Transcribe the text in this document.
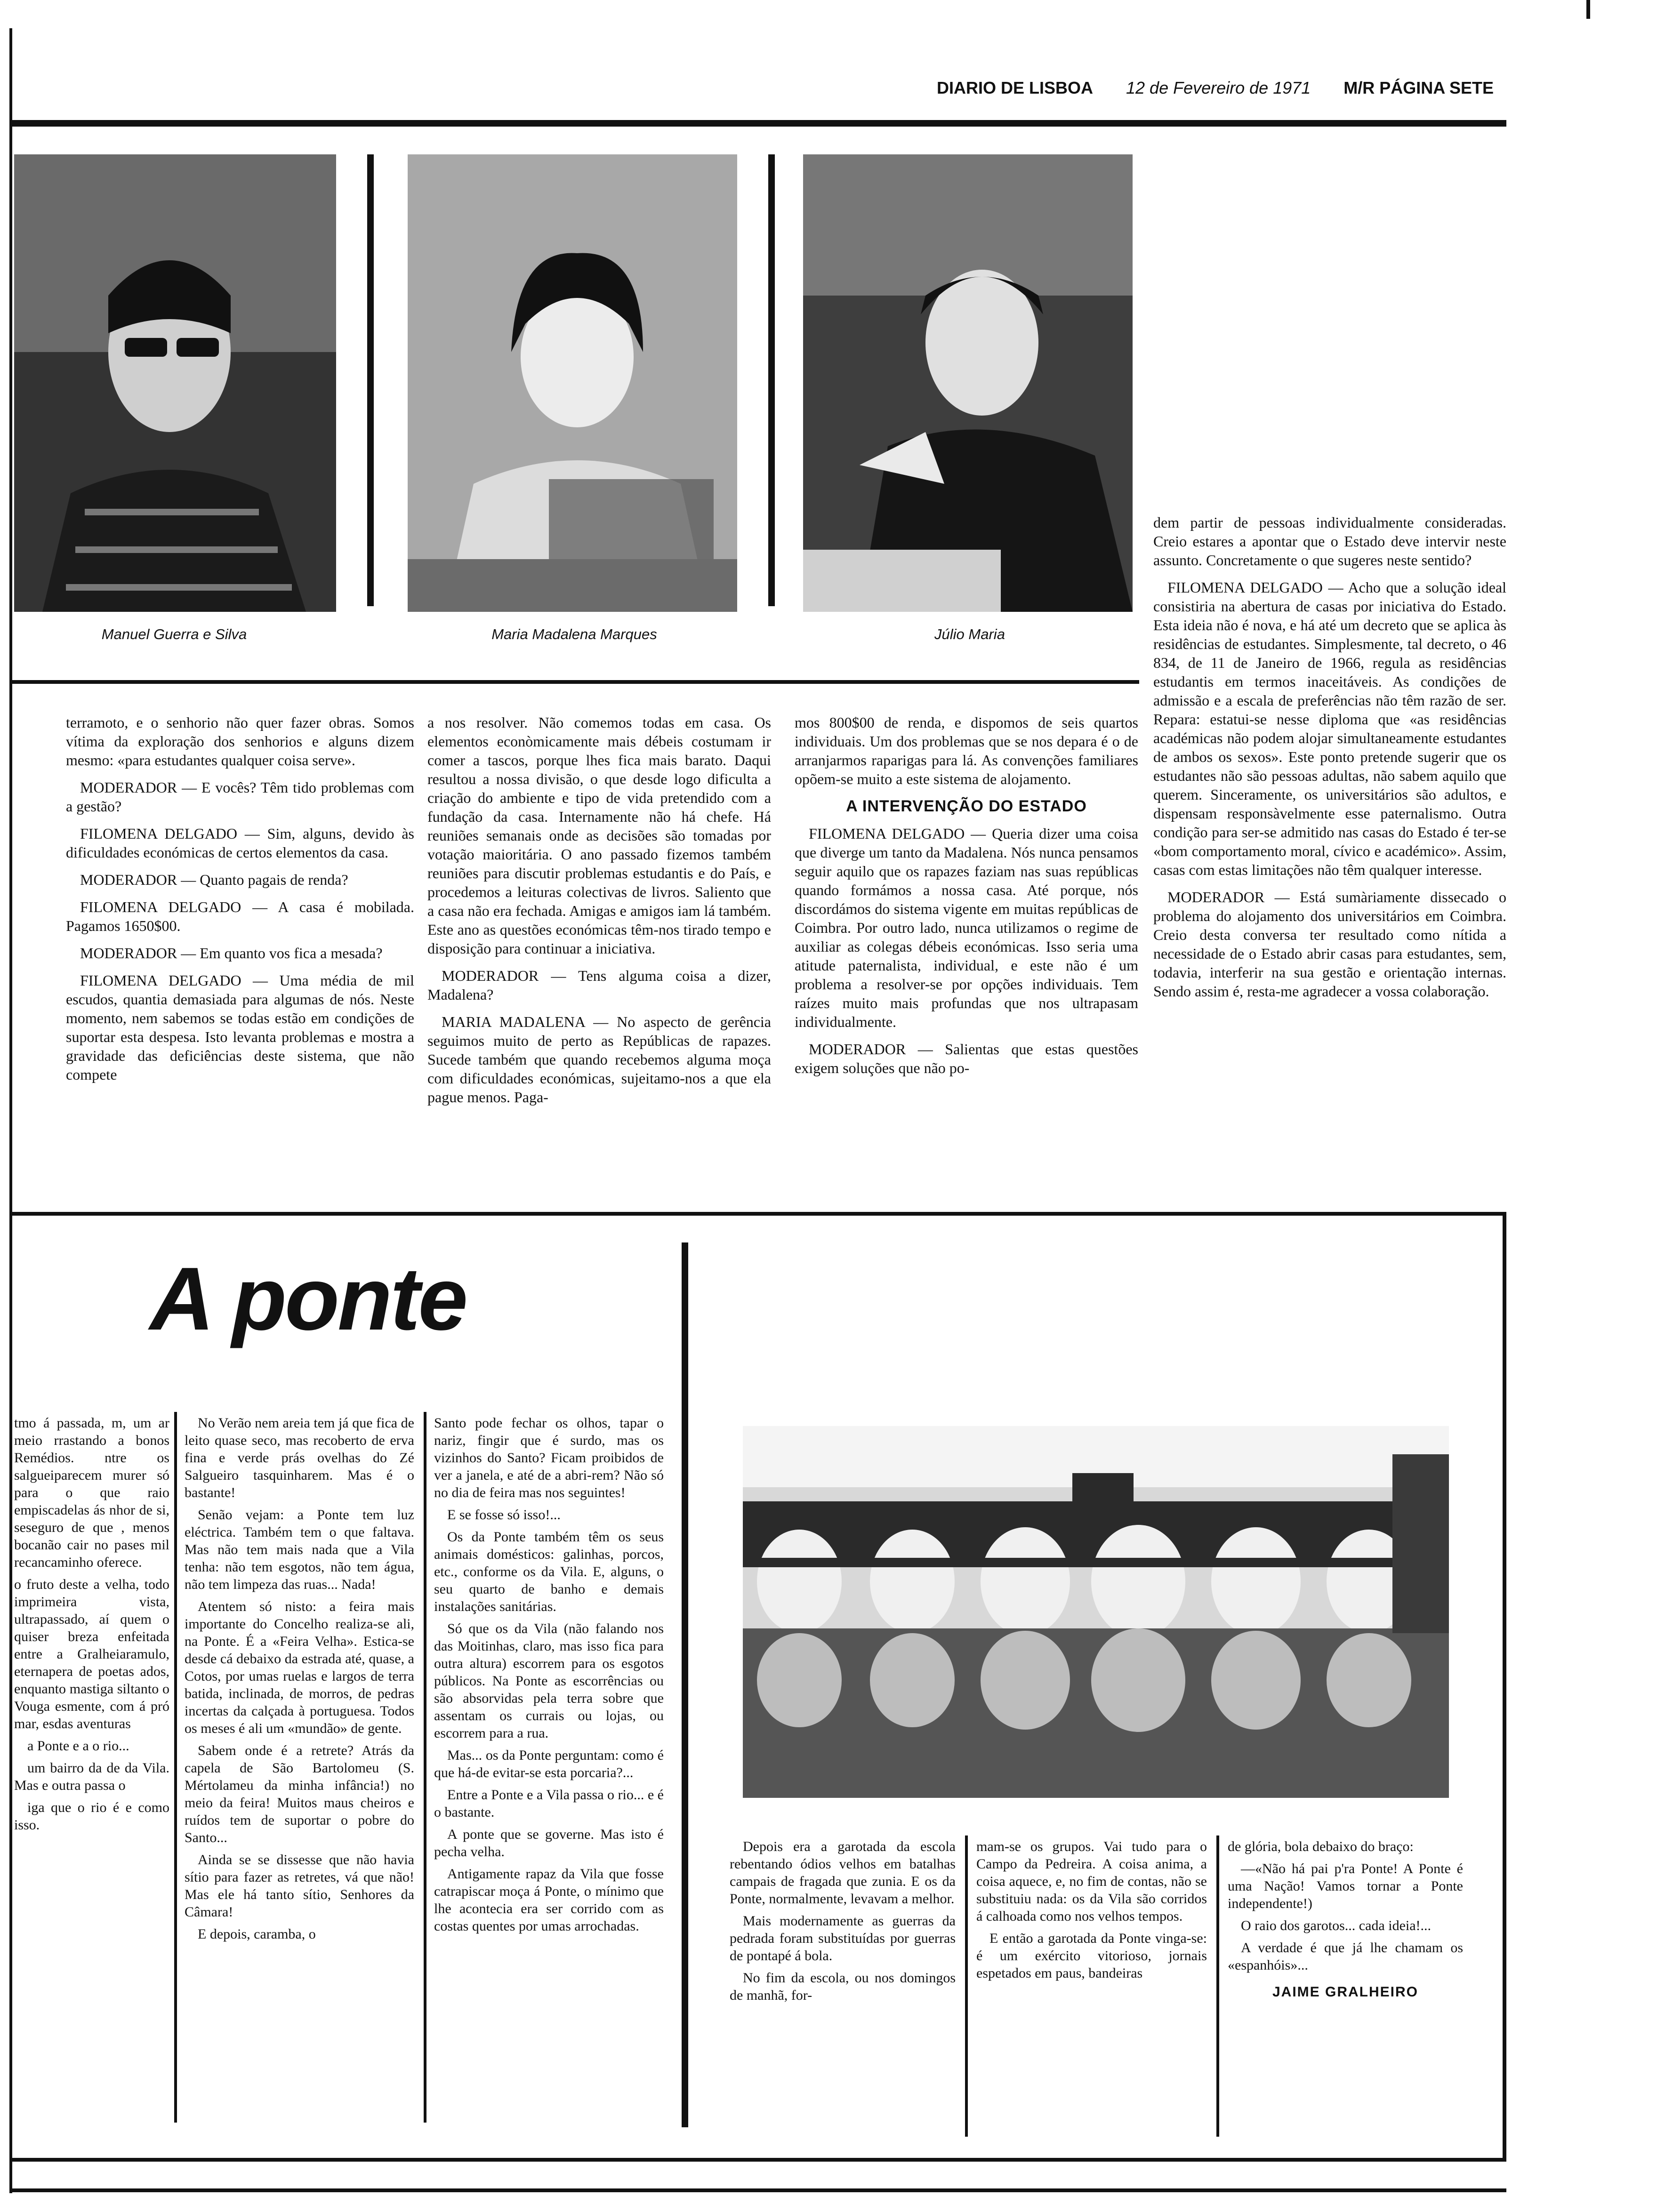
DIARIO DE LISBOA 12 de Fevereiro de 1971 M/R PÁGINA SETE
Manuel Guerra e Silva	Maria Madalena Marques	Júlio Maria

dem partir de pessoas individualmente consideradas. Creio estares a apontar que o Estado deve intervir neste assunto. Concretamente o que sugeres neste sentido?

FILOMENA DELGADO — Acho que a solução ideal consistiria na abertura de casas por iniciativa do Estado. Esta ideia não é nova, e há até um decreto que se aplica às residências de estudantes. Simplesmente, tal decreto, o 46 834, de 11 de Janeiro de 1966, regula as residências estudantis em termos inaceitáveis. As condições de admissão e a escala de preferências não têm razão de ser. Repara: estatui-se nesse diploma que «as residências académicas não podem alojar simultaneamente estudantes de ambos os sexos». Este ponto pretende sugerir que os estudantes não são pessoas adultas, não sabem aquilo que querem. Sinceramente, os universitários são adultos, e dispensam responsàvelmente esse paternalismo. Outra condição para ser-se admitido nas casas do Estado é ter-se «bom comportamento moral, cívico e académico». Assim, casas com estas limitações não têm qualquer interesse.

MODERADOR — Está sumàriamente dissecado o problema do alojamento dos universitários em Coimbra. Creio desta conversa ter resultado como nítida a necessidade de o Estado abrir casas para estudantes, sem, todavia, interferir na sua gestão e orientação internas. Sendo assim é, resta-me agradecer a vossa colaboração.

terramoto, e o senhorio não quer fazer obras. Somos vítima da exploração dos senhorios e alguns dizem mesmo: «para estudantes qualquer coisa serve».

MODERADOR — E vocês? Têm tido problemas com a gestão?

FILOMENA DELGADO — Sim, alguns, devido às dificuldades económicas de certos elementos da casa.

MODERADOR — Quanto pagais de renda?

FILOMENA DELGADO — A casa é mobilada. Pagamos 1650$00.

MODERADOR — Em quanto vos fica a mesada?

FILOMENA DELGADO — Uma média de mil escudos, quantia demasiada para algumas de nós. Neste momento, nem sabemos se todas estão em condições de suportar esta despesa. Isto levanta problemas e mostra a gravidade das deficiências deste sistema, que não compete

a nos resolver. Não comemos todas em casa. Os elementos econòmicamente mais débeis costumam ir comer a tascos, porque lhes fica mais barato. Daqui resultou a nossa divisão, o que desde logo dificulta a criação do ambiente e tipo de vida pretendido com a fundação da casa. Internamente não há chefe. Há reuniões semanais onde as decisões são tomadas por votação maioritária. O ano passado fizemos também reuniões para discutir problemas estudantis e do País, e procedemos a leituras colectivas de livros. Saliento que a casa não era fechada. Amigas e amigos iam lá também. Este ano as questões económicas têm-nos tirado tempo e disposição para continuar a iniciativa.

MODERADOR — Tens alguma coisa a dizer, Madalena?

MARIA MADALENA — No aspecto de gerência seguimos muito de perto as Repúblicas de rapazes. Sucede também que quando recebemos alguma moça com dificuldades económicas, sujeitamo-nos a que ela pague menos. Paga-

mos 800$00 de renda, e dispomos de seis quartos individuais. Um dos problemas que se nos depara é o de arranjarmos raparigas para lá. As convenções familiares opõem-se muito a este sistema de alojamento.

A INTERVENÇÃO DO ESTADO

FILOMENA DELGADO — Queria dizer uma coisa que diverge um tanto da Madalena. Nós nunca pensamos seguir aquilo que os rapazes faziam nas suas repúblicas quando formámos a nossa casa. Até porque, nós discordámos do sistema vigente em muitas repúblicas de Coimbra. Por outro lado, nunca utilizamos o regime de auxiliar as colegas débeis económicas. Isso seria uma atitude paternalista, individual, e este não é um problema a resolver-se por opções individuais. Tem raízes muito mais profundas que nos ultrapasam individualmente.

MODERADOR — Salientas que estas questões exigem soluções que não po-

A ponte

tmo á passada, m, um ar meio rrastando a bonos Remédios. ntre os salgueiparecem murer só para o que raio empiscadelas ás nhor de si, seseguro de que , menos bocanão cair no pases mil recancaminho oferece.

o fruto deste a velha, todo imprimeira vista, ultrapassado, aí quem o quiser breza enfeitada entre a Gralheiaramulo, eternapera de poetas ados, enquanto mastiga siltanto o Vouga esmente, com á pró mar, esdas aventuras

a Ponte e a o rio...

um bairro da de da Vila. Mas e outra passa o

iga que o rio é e como isso.

No Verão nem areia tem já que fica de leito quase seco, mas recoberto de erva fina e verde prás ovelhas do Zé Salgueiro tasquinharem. Mas é o bastante!

Senão vejam: a Ponte tem luz eléctrica. Também tem o que faltava. Mas não tem mais nada que a Vila tenha: não tem esgotos, não tem água, não tem limpeza das ruas... Nada!

Atentem só nisto: a feira mais importante do Concelho realiza-se ali, na Ponte. É a «Feira Velha». Estica-se desde cá debaixo da estrada até, quase, a Cotos, por umas ruelas e largos de terra batida, inclinada, de morros, de pedras incertas da calçada à portuguesa. Todos os meses é ali um «mundão» de gente.

Sabem onde é a retrete? Atrás da capela de São Bartolomeu (S. Mértolameu da minha infância!) no meio da feira! Muitos maus cheiros e ruídos tem de suportar o pobre do Santo...

Ainda se se dissesse que não havia sítio para fazer as retretes, vá que não! Mas ele há tanto sítio, Senhores da Câmara!

E depois, caramba, o

Santo pode fechar os olhos, tapar o nariz, fingir que é surdo, mas os vizinhos do Santo? Ficam proibidos de ver a janela, e até de a abri-rem? Não só no dia de feira mas nos seguintes!

E se fosse só isso!...

Os da Ponte também têm os seus animais domésticos: galinhas, porcos, etc., conforme os da Vila. E, alguns, o seu quarto de banho e demais instalações sanitárias.

Só que os da Vila (não falando nos das Moitinhas, claro, mas isso fica para outra altura) escorrem para os esgotos públicos. Na Ponte as escorrências ou são absorvidas pela terra sobre que assentam os currais ou lojas, ou escorrem para a rua.

Mas... os da Ponte perguntam: como é que há-de evitar-se esta porcaria?...

Entre a Ponte e a Vila passa o rio... e é o bastante.

A ponte que se governe. Mas isto é pecha velha.

Antigamente rapaz da Vila que fosse catrapiscar moça á Ponte, o mínimo que lhe acontecia era ser corrido com as costas quentes por umas arrochadas.

Depois era a garotada da escola rebentando ódios velhos em batalhas campais de fragada que zunia. E os da Ponte, normalmente, levavam a melhor.

Mais modernamente as guerras da pedrada foram substituídas por guerras de pontapé á bola.

No fim da escola, ou nos domingos de manhã, for-

mam-se os grupos. Vai tudo para o Campo da Pedreira. A coisa anima, a coisa aquece, e, no fim de contas, não se substituiu nada: os da Vila são corridos á calhoada como nos velhos tempos.

E então a garotada da Ponte vinga-se: é um exército vitorioso, jornais espetados em paus, bandeiras

de glória, bola debaixo do braço:

—«Não há pai p'ra Ponte! A Ponte é uma Nação! Vamos tornar a Ponte independente!)

O raio dos garotos... cada ideia!...

A verdade é que já lhe chamam os «espanhóis»...

JAIME GRALHEIRO
